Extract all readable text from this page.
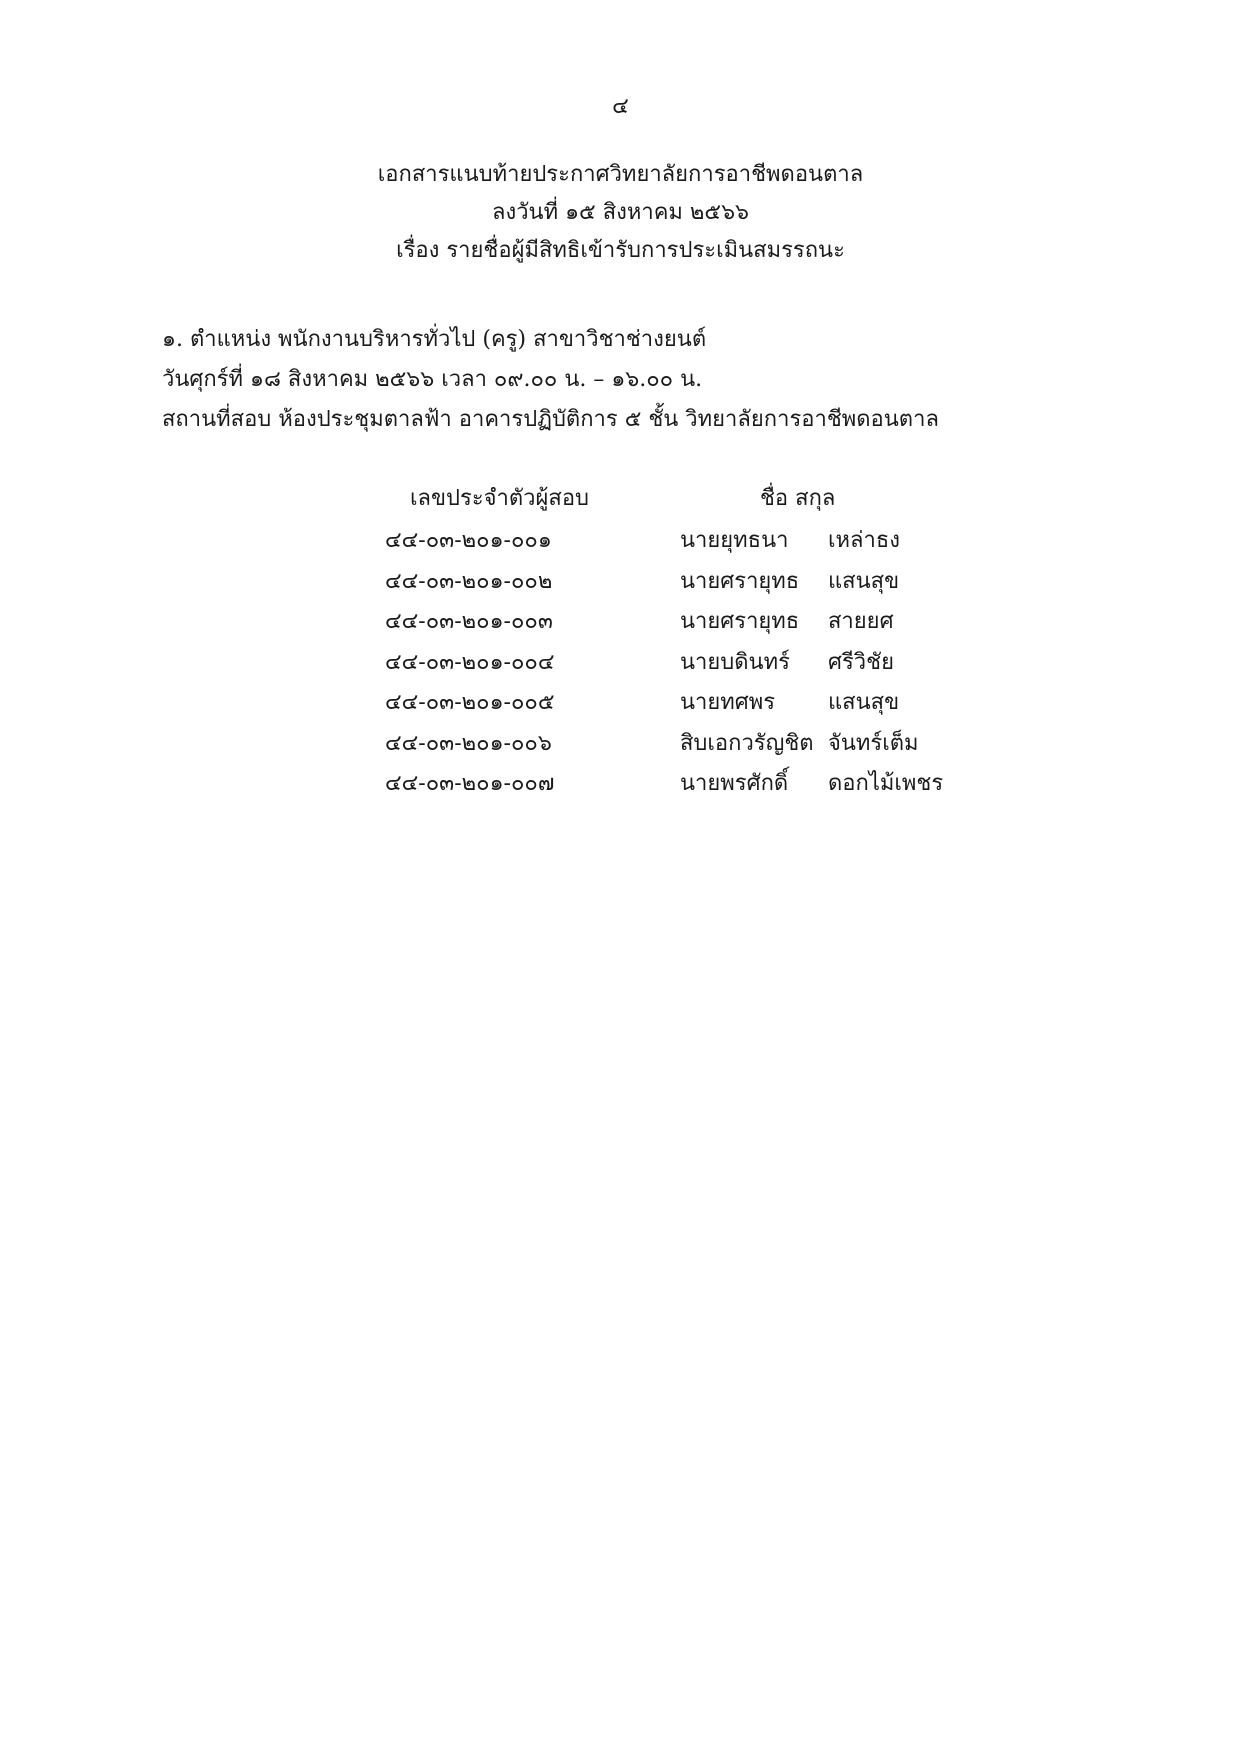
๔
เอกสารแนบท้ายประกาศวิทยาลัยการอาชีพดอนตาล
ลงวันที่ ๑๕ สิงหาคม ๒๕๖๖
เรื่อง รายชื่อผู้มีสิทธิเข้ารับการประเมินสมรรถนะ
๑. ตำแหน่ง พนักงานบริหารทั่วไป (ครู) สาขาวิชาช่างยนต์
วันศุกร์ที่ ๑๘ สิงหาคม ๒๕๖๖ เวลา ๐๙.๐๐ น. – ๑๖.๐๐ น.
สถานที่สอบ ห้องประชุมตาลฟ้า อาคารปฏิบัติการ ๕ ชั้น วิทยาลัยการอาชีพดอนตาล
เลขประจำตัวผู้สอบ	ชื่อ สกุล
๔๔-๐๓-๒๐๑-๐๐๑	นายยุทธนา เหล่าธง
๔๔-๐๓-๒๐๑-๐๐๒	นายศรายุทธ แสนสุข
๔๔-๐๓-๒๐๑-๐๐๓	นายศรายุทธ สายยศ
๔๔-๐๓-๒๐๑-๐๐๔	นายบดินทร์ ศรีวิชัย
๔๔-๐๓-๒๐๑-๐๐๕	นายทศพร แสนสุข
๔๔-๐๓-๒๐๑-๐๐๖	สิบเอกวรัญชิต จันทร์เต็ม
๔๔-๐๓-๒๐๑-๐๐๗	นายพรศักดิ์ ดอกไม้เพชร
